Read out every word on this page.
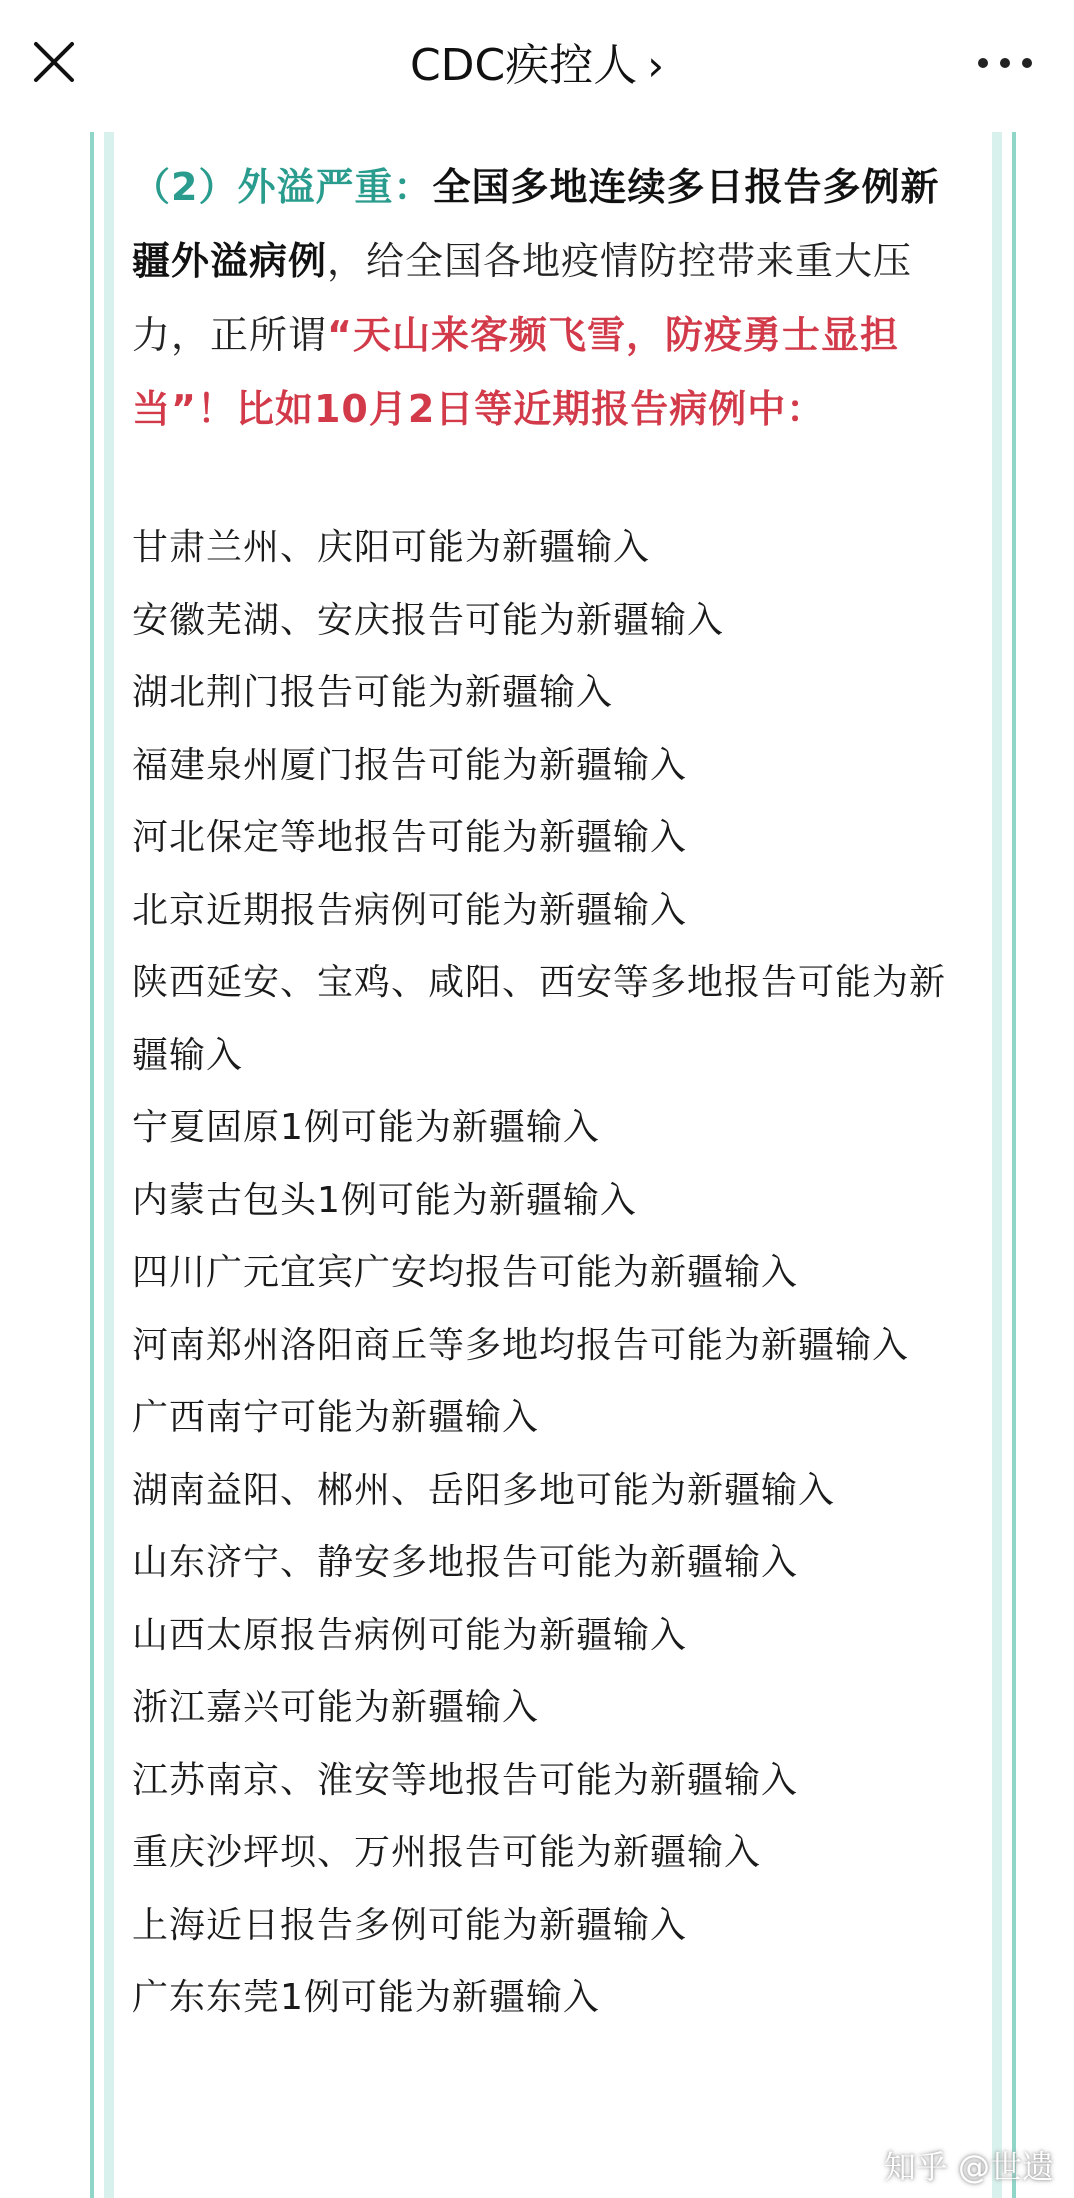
CDC疾控人 ›

（2）外溢严重：全国多地连续多日报告多例新疆外溢病例，给全国各地疫情防控带来重大压力，正所谓“天山来客频飞雪，防疫勇士显担当”！比如10月2日等近期报告病例中：

甘肃兰州、庆阳可能为新疆输入
安徽芜湖、安庆报告可能为新疆输入
湖北荆门报告可能为新疆输入
福建泉州厦门报告可能为新疆输入
河北保定等地报告可能为新疆输入
北京近期报告病例可能为新疆输入
陕西延安、宝鸡、咸阳、西安等多地报告可能为新疆输入
宁夏固原1例可能为新疆输入
内蒙古包头1例可能为新疆输入
四川广元宜宾广安均报告可能为新疆输入
河南郑州洛阳商丘等多地均报告可能为新疆输入
广西南宁可能为新疆输入
湖南益阳、郴州、岳阳多地可能为新疆输入
山东济宁、静安多地报告可能为新疆输入
山西太原报告病例可能为新疆输入
浙江嘉兴可能为新疆输入
江苏南京、淮安等地报告可能为新疆输入
重庆沙坪坝、万州报告可能为新疆输入
上海近日报告多例可能为新疆输入
广东东莞1例可能为新疆输入
知乎 @世遗
